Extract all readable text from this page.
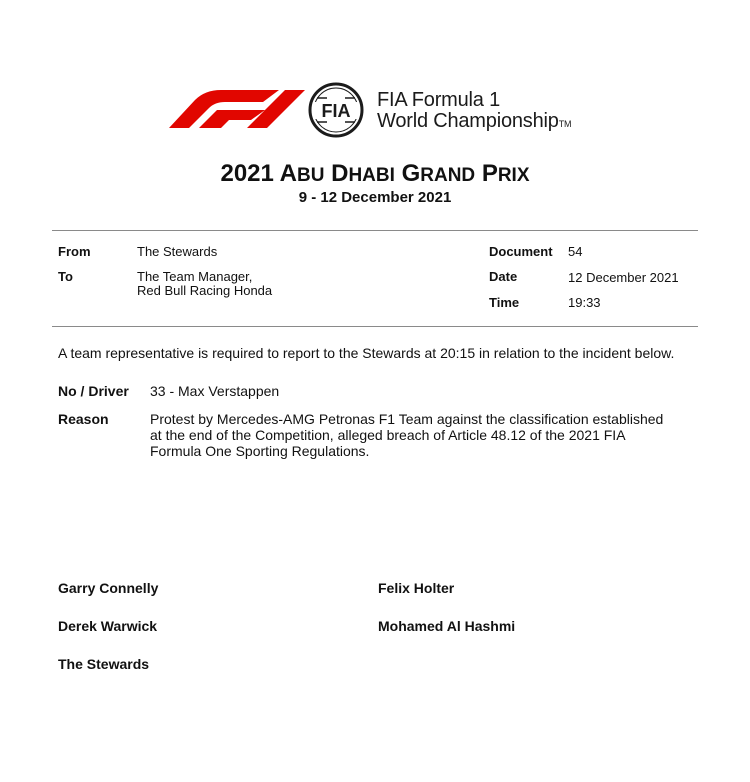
FIA FIA Formula 1
World ChampionshipTM
2021 ABU DHABI GRAND PRIX
9 - 12 December 2021
From	The Stewards
To	The Team Manager,
Red Bull Racing Honda
Document 54
Date	12 December 2021
Time	19:33
A team representative is required to report to the Stewards at 20:15 in relation to the incident below.
No / Driver 33 - Max Verstappen
Reason	Protest by Mercedes-AMG Petronas F1 Team against the classification established
at the end of the Competition, alleged breach of Article 48.12 of the 2021 FIA
Formula One Sporting Regulations.
Garry Connelly	Felix Holter
Derek Warwick	Mohamed Al Hashmi
The Stewards
